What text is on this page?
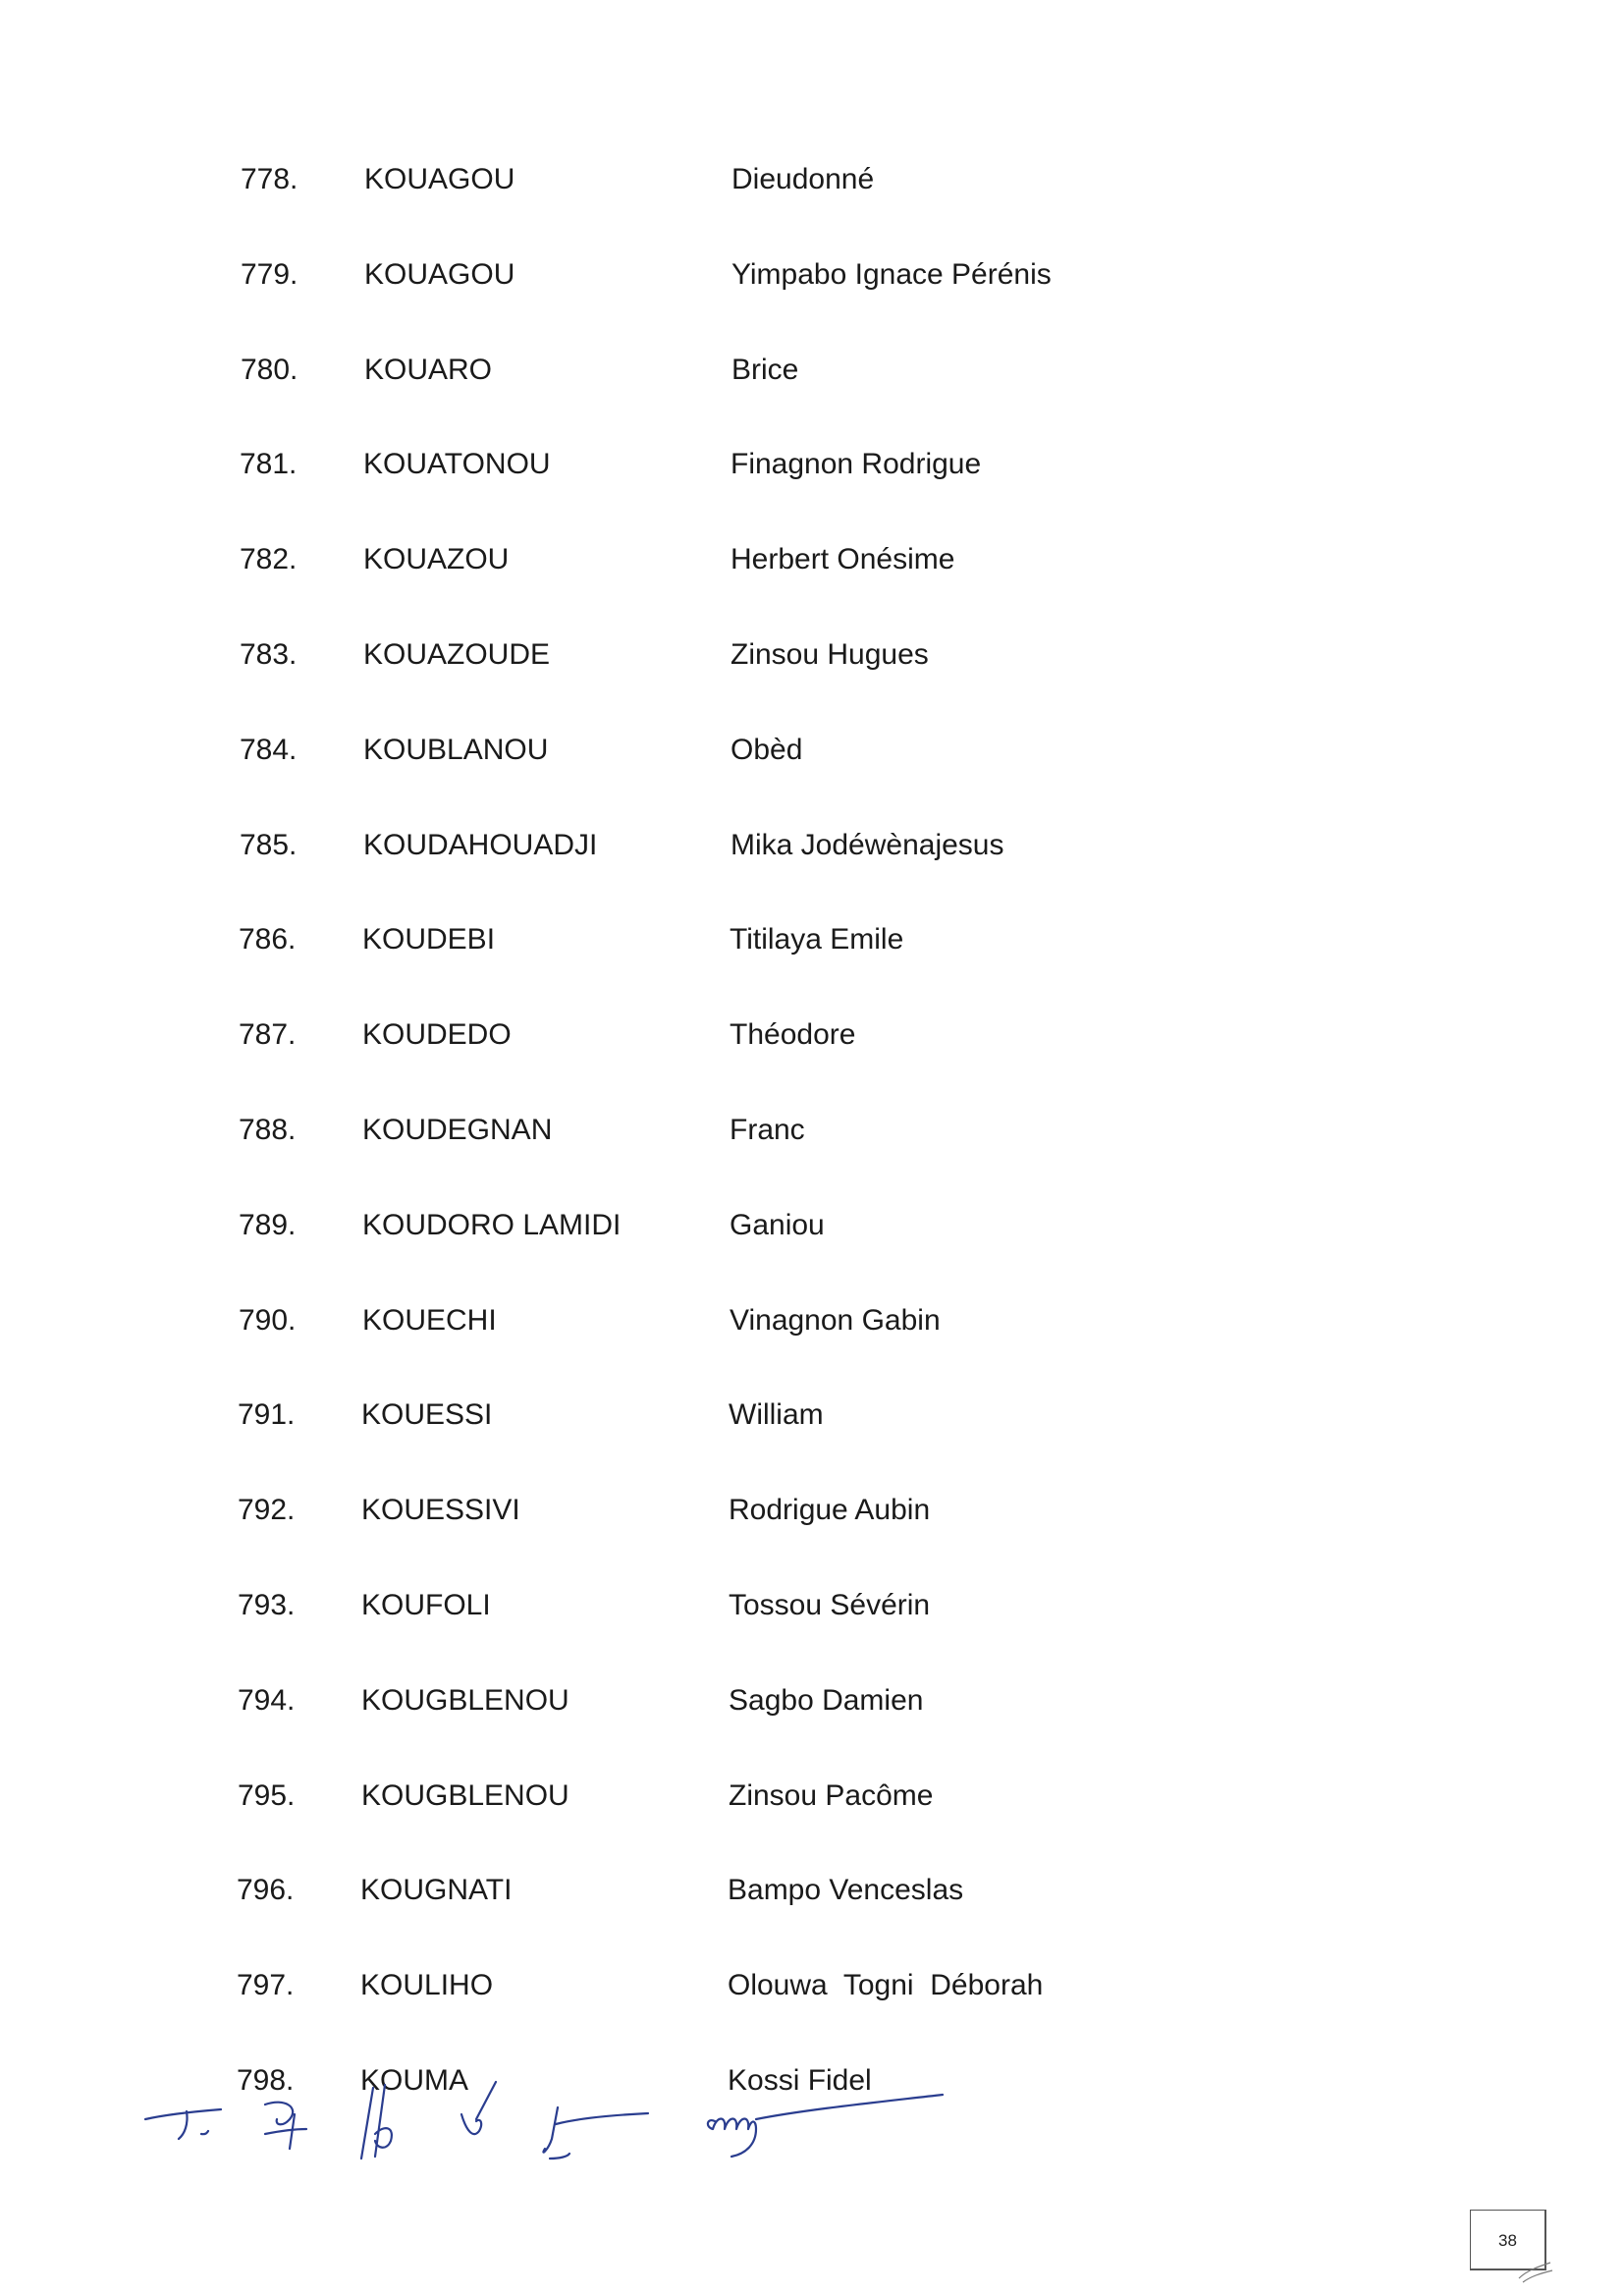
778. KOUAGOU	Dieudonné
779. KOUAGOU	Yimpabo Ignace Pérénis
780. KOUARO	Brice
781. KOUATONOU	Finagnon Rodrigue
782. KOUAZOU	Herbert Onésime
783. KOUAZOUDE	Zinsou Hugues
784. KOUBLANOU	Obèd
785. KOUDAHOUADJI	Mika Jodéwènajesus
786. KOUDEBI	Titilaya Emile
787. KOUDEDO	Théodore
788. KOUDEGNAN	Franc
789. KOUDORO LAMIDI	Ganiou
790. KOUECHI	Vinagnon Gabin
791. KOUESSI	William
792. KOUESSIVI	Rodrigue Aubin
793. KOUFOLI	Tossou Sévérin
794. KOUGBLENOU	Sagbo Damien
795. KOUGBLENOU	Zinsou Pacôme
796. KOUGNATI	Bampo Venceslas
797. KOULIHO	Olouwa  Togni  Déborah
798. KOUMA	Kossi Fidel
38
